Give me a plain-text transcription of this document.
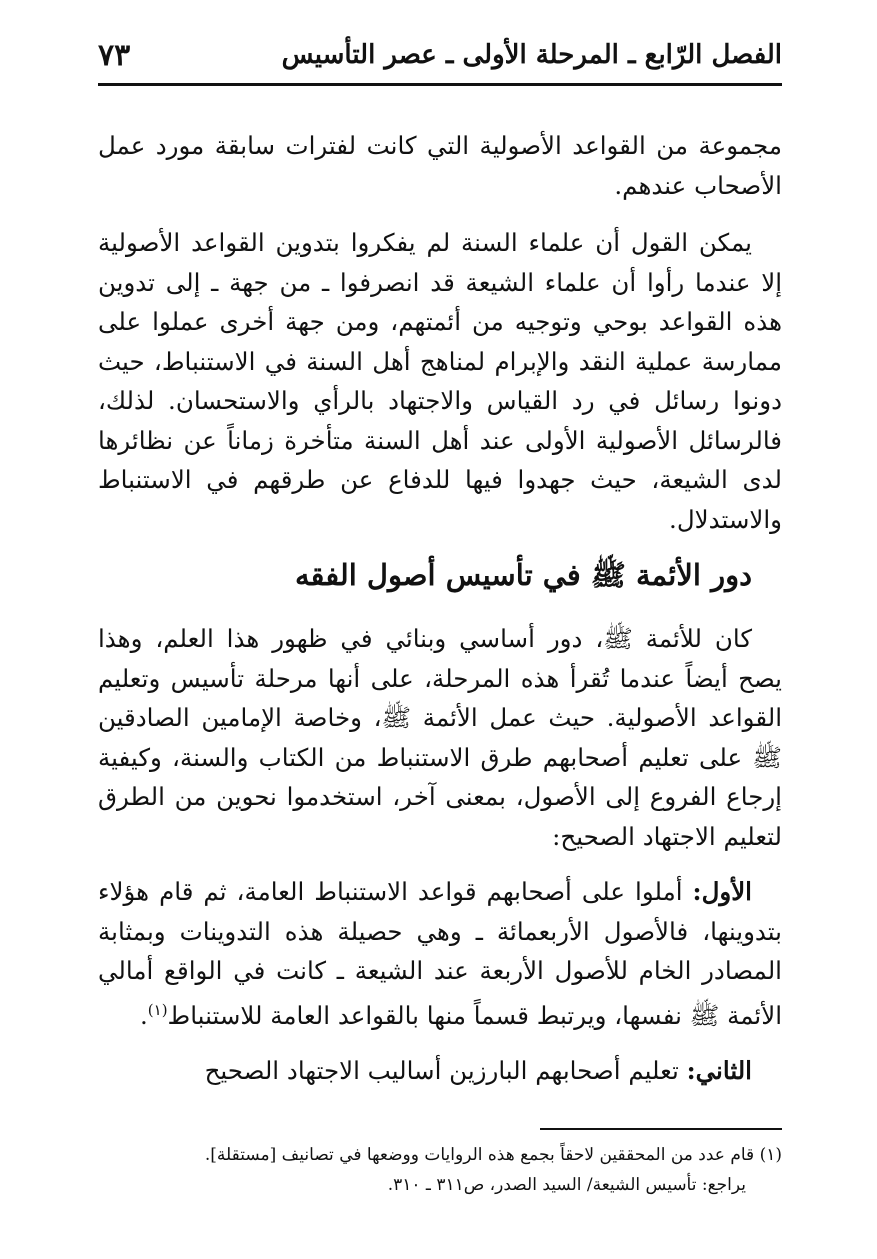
الفصل الرّابع ـ المرحلة الأولى ـ عصر التأسيس
٧٣

مجموعة من القواعد الأصولية التي كانت لفترات سابقة مورد عمل الأصحاب عندهم.

يمكن القول أن علماء السنة لم يفكروا بتدوين القواعد الأصولية إلا عندما رأوا أن علماء الشيعة قد انصرفوا ـ من جهة ـ إلى تدوين هذه القواعد بوحي وتوجيه من أئمتهم، ومن جهة أخرى عملوا على ممارسة عملية النقد والإبرام لمناهج أهل السنة في الاستنباط، حيث دونوا رسائل في رد القياس والاجتهاد بالرأي والاستحسان. لذلك، فالرسائل الأصولية الأولى عند أهل السنة متأخرة زماناً عن نظائرها لدى الشيعة، حيث جهدوا فيها للدفاع عن طرقهم في الاستنباط والاستدلال.

دور الأئمة ﷺ في تأسيس أصول الفقه

كان للأئمة ﷺ، دور أساسي وبنائي في ظهور هذا العلم، وهذا يصح أيضاً عندما تُقرأ هذه المرحلة، على أنها مرحلة تأسيس وتعليم القواعد الأصولية. حيث عمل الأئمة ﷺ، وخاصة الإمامين الصادقين ﷺ على تعليم أصحابهم طرق الاستنباط من الكتاب والسنة، وكيفية إرجاع الفروع إلى الأصول، بمعنى آخر، استخدموا نحوين من الطرق لتعليم الاجتهاد الصحيح:

الأول: أملوا على أصحابهم قواعد الاستنباط العامة، ثم قام هؤلاء بتدوينها، فالأصول الأربعمائة ـ وهي حصيلة هذه التدوينات وبمثابة المصادر الخام للأصول الأربعة عند الشيعة ـ كانت في الواقع أمالي الأئمة ﷺ نفسها، ويرتبط قسماً منها بالقواعد العامة للاستنباط$^{(١)}$.

الثاني: تعليم أصحابهم البارزين أساليب الاجتهاد الصحيح

(١) قام عدد من المحققين لاحقاً بجمع هذه الروايات ووضعها في تصانيف [مستقلة].

يراجع: تأسيس الشيعة/ السيد الصدر، ص٣١١ ـ ٣١٠.
